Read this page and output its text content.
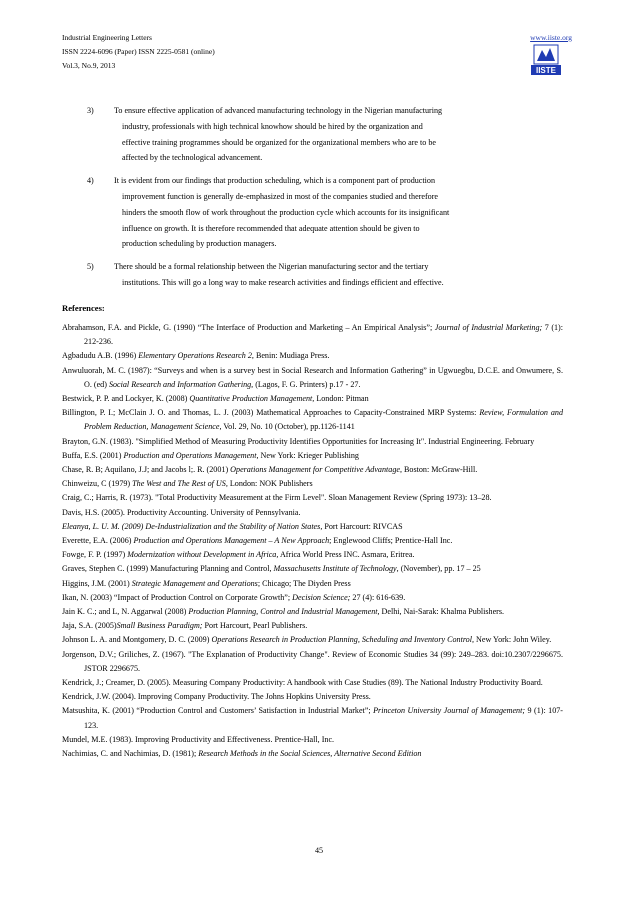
Industrial Engineering Letters	www.iiste.org
ISSN 2224-6096 (Paper) ISSN 2225-0581 (online)
Vol.3, No.9, 2013
IISTE
3)	To ensure effective application of advanced manufacturing technology in the Nigerian manufacturing
industry, professionals with high technical knowhow should be hired by the organization and
effective training programmes should be organized for the organizational members who are to be
affected by the technological advancement.
4)	It is evident from our findings that production scheduling, which is a component part of production
improvement function is generally de-emphasized in most of the companies studied and therefore
hinders the smooth flow of work throughout the production cycle which accounts for its insignificant
influence on growth. It is therefore recommended that adequate attention should be given to
production scheduling by production managers.
5)	There should be a formal relationship between the Nigerian manufacturing sector and the tertiary
institutions. This will go a long way to make research activities and findings efficient and effective.
References:
Abrahamson, F.A. and Pickle, G. (1990) “The Interface of Production and Marketing – An Empirical Analysis”; Journal of Industrial Marketing; 7 (1): 212-236.
Agbadudu A.B. (1996) Elementary Operations Research 2, Benin: Mudiaga Press.
Anwuluorah, M. C. (1987): “Surveys and when is a survey best in Social Research and Information Gathering” in Ugwuegbu, D.C.E. and Onwumere, S. O. (ed) Social Research and Information Gathering, (Lagos, F. G. Printers) p.17 - 27.
Bestwick, P. P. and Lockyer, K. (2008) Quantitative Production Management, London: Pitman
Billington, P. I.; McClain J. O. and Thomas, L. J. (2003) Mathematical Approaches to Capacity-Constrained MRP Systems: Review, Formulation and Problem Reduction, Management Science, Vol. 29, No. 10 (October), pp.1126-1141
Brayton, G.N. (1983). "Simplified Method of Measuring Productivity Identifies Opportunities for Increasing It". Industrial Engineering. February
Buffa, E.S. (2001) Production and Operations Management, New York: Krieger Publishing
Chase, R. B; Aquilano, J.J; and Jacobs l;. R. (2001) Operations Management for Competitive Advantage, Boston: McGraw-Hill.
Chinweizu, C (1979) The West and The Rest of US, London: NOK Publishers
Craig, C.; Harris, R. (1973). "Total Productivity Measurement at the Firm Level". Sloan Management Review (Spring 1973): 13–28.
Davis, H.S. (2005). Productivity Accounting. University of Pennsylvania.
Eleanya, L. U. M. (2009) De-Industrialization and the Stability of Nation States, Port Harcourt: RIVCAS
Everette, E.A. (2006) Production and Operations Management – A New Approach; Englewood Cliffs; Prentice-Hall Inc.
Fowge, F. P. (1997) Modernization without Development in Africa, Africa World Press INC. Asmara, Eritrea.
Graves, Stephen C. (1999) Manufacturing Planning and Control, Massachusetts Institute of Technology, (November), pp. 17 – 25
Higgins, J.M. (2001) Strategic Management and Operations; Chicago; The Diyden Press
Ikan, N. (2003) “Impact of Production Control on Corporate Growth”; Decision Science; 27 (4): 616-639.
Jain K. C.; and L, N. Aggarwal (2008) Production Planning, Control and Industrial Management, Delhi, Nai-Sarak: Khalma Publishers.
Jaja, S.A. (2005)Small Business Paradigm; Port Harcourt, Pearl Publishers.
Johnson L. A. and Montgomery, D. C. (2009) Operations Research in Production Planning, Scheduling and Inventory Control, New York: John Wiley.
Jorgenson, D.V.; Griliches, Z. (1967). "The Explanation of Productivity Change". Review of Economic Studies 34 (99): 249–283. doi:10.2307/2296675. JSTOR 2296675.
Kendrick, J.; Creamer, D. (2005). Measuring Company Productivity: A handbook with Case Studies (89). The National Industry Productivity Board.
Kendrick, J.W. (2004). Improving Company Productivity. The Johns Hopkins University Press.
Matsushita, K. (2001) “Production Control and Customers’ Satisfaction in Industrial Market”; Princeton University Journal of Management; 9 (1): 107-123.
Mundel, M.E. (1983). Improving Productivity and Effectiveness. Prentice-Hall, Inc.
Nachimias, C. and Nachimias, D. (1981); Research Methods in the Social Sciences, Alternative Second Edition
45
